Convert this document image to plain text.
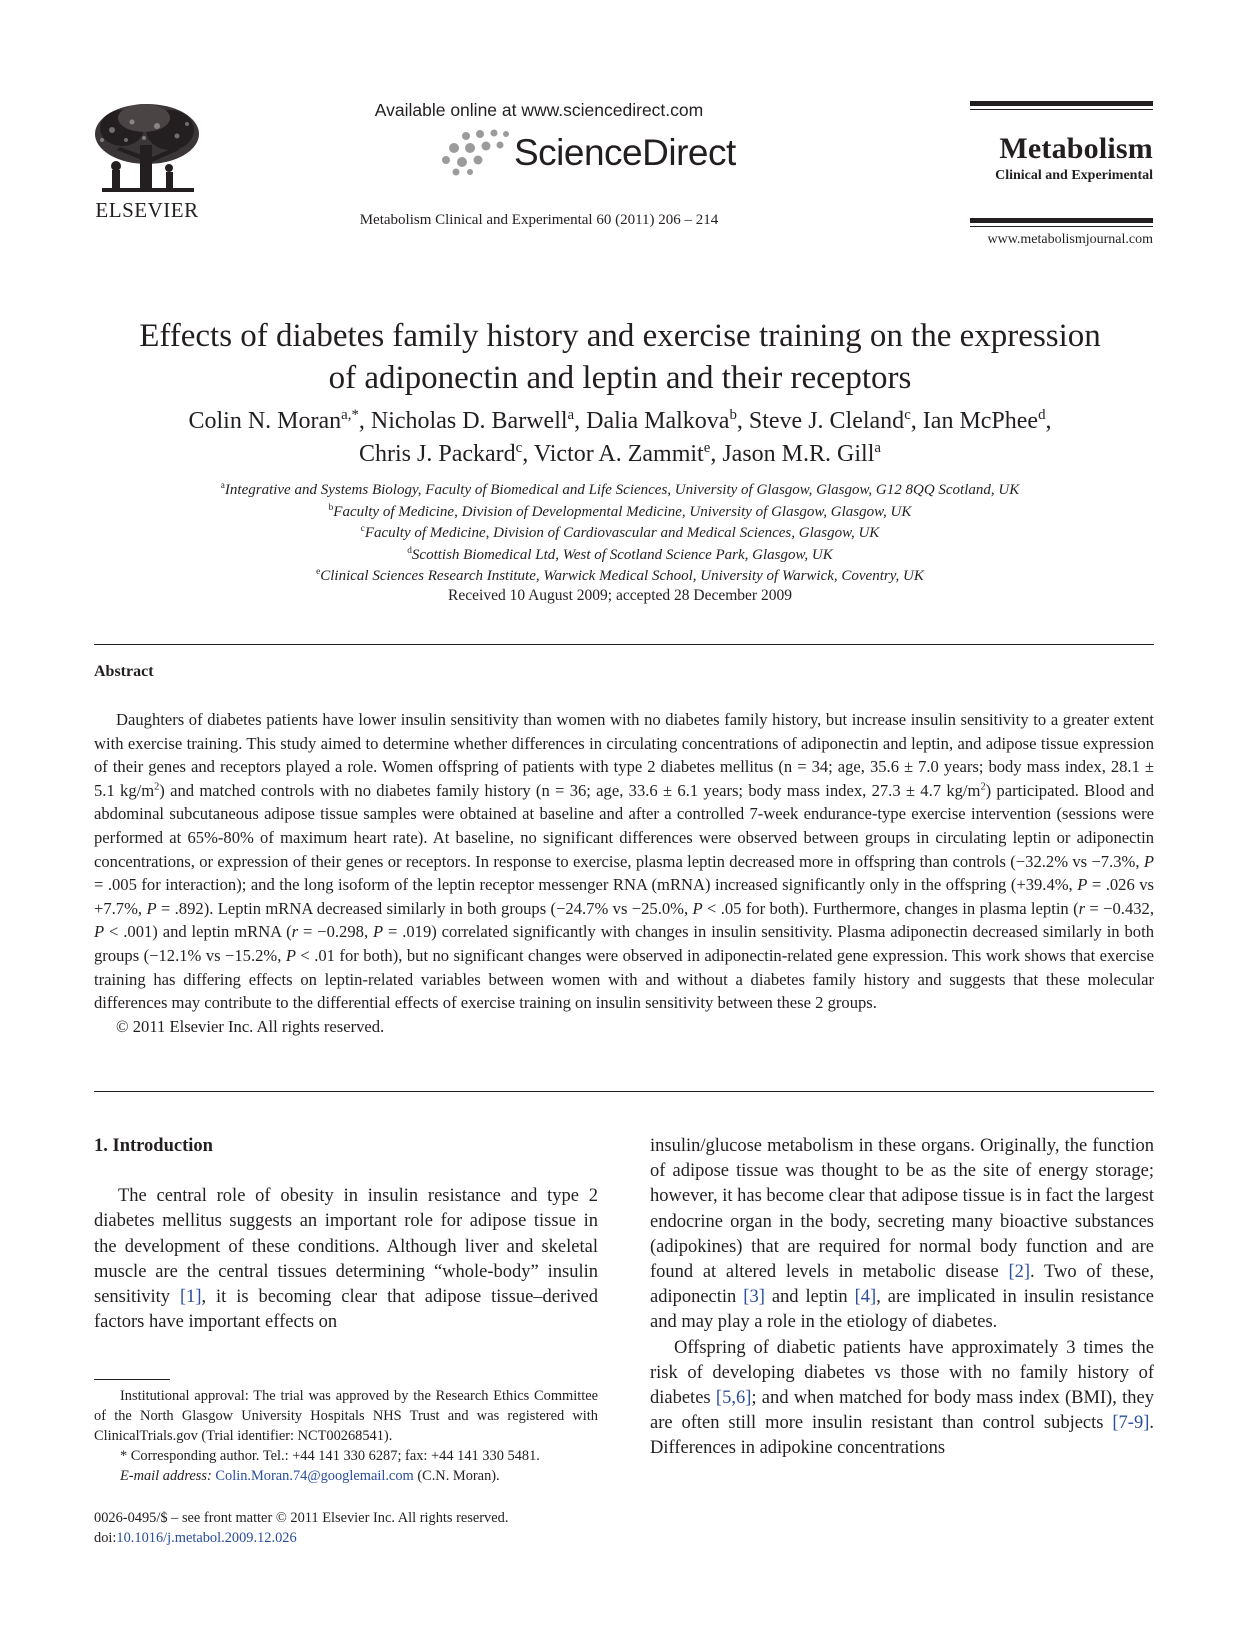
ELSEVIER
Available online at www.sciencedirect.com
ScienceDirect
Metabolism Clinical and Experimental 60 (2011) 206 – 214
Metabolism
Clinical and Experimental
www.metabolismjournal.com
Effects of diabetes family history and exercise training on the expression
of adiponectin and leptin and their receptors
Colin N. Moran$^{a,*}$, Nicholas D. Barwell$^a$, Dalia Malkova$^b$, Steve J. Cleland$^c$, Ian McPhee$^d$,
Chris J. Packard$^c$, Victor A. Zammit$^e$, Jason M.R. Gill$^a$
$^a$Integrative and Systems Biology, Faculty of Biomedical and Life Sciences, University of Glasgow, Glasgow, G12 8QQ Scotland, UK
$^b$Faculty of Medicine, Division of Developmental Medicine, University of Glasgow, Glasgow, UK
$^c$Faculty of Medicine, Division of Cardiovascular and Medical Sciences, Glasgow, UK
$^d$Scottish Biomedical Ltd, West of Scotland Science Park, Glasgow, UK
$^e$Clinical Sciences Research Institute, Warwick Medical School, University of Warwick, Coventry, UK
Received 10 August 2009; accepted 28 December 2009
Abstract

Daughters of diabetes patients have lower insulin sensitivity than women with no diabetes family history, but increase insulin sensitivity to a greater extent with exercise training. This study aimed to determine whether differences in circulating concentrations of adiponectin and leptin, and adipose tissue expression of their genes and receptors played a role. Women offspring of patients with type 2 diabetes mellitus (n = 34; age, 35.6 ± 7.0 years; body mass index, 28.1 ± 5.1 $kg/m^2$) and matched controls with no diabetes family history (n = 36; age, 33.6 ± 6.1 years; body mass index, 27.3 ± 4.7 $kg/m^2$) participated. Blood and abdominal subcutaneous adipose tissue samples were obtained at baseline and after a controlled 7-week endurance-type exercise intervention (sessions were performed at 65%-80% of maximum heart rate). At baseline, no significant differences were observed between groups in circulating leptin or adiponectin concentrations, or expression of their genes or receptors. In response to exercise, plasma leptin decreased more in offspring than controls (−32.2% vs −7.3%, P = .005 for interaction); and the long isoform of the leptin receptor messenger RNA (mRNA) increased significantly only in the offspring (+39.4%, P = .026 vs +7.7%, P = .892). Leptin mRNA decreased similarly in both groups (−24.7% vs −25.0%, P < .05 for both). Furthermore, changes in plasma leptin (r = −0.432, P < .001) and leptin mRNA (r = −0.298, P = .019) correlated significantly with changes in insulin sensitivity. Plasma adiponectin decreased similarly in both groups (−12.1% vs −15.2%, P < .01 for both), but no significant changes were observed in adiponectin-related gene expression. This work shows that exercise training has differing effects on leptin-related variables between women with and without a diabetes family history and suggests that these molecular differences may contribute to the differential effects of exercise training on insulin sensitivity between these 2 groups.

© 2011 Elsevier Inc. All rights reserved.

1. Introduction

The central role of obesity in insulin resistance and type 2 diabetes mellitus suggests an important role for adipose tissue in the development of these conditions. Although liver and skeletal muscle are the central tissues determining “whole-body” insulin sensitivity [1], it is becoming clear that adipose tissue–derived factors have important effects on

Institutional approval: The trial was approved by the Research Ethics Committee of the North Glasgow University Hospitals NHS Trust and was registered with ClinicalTrials.gov (Trial identifier: NCT00268541).

* Corresponding author. Tel.: +44 141 330 6287; fax: +44 141 330 5481.

E-mail address: Colin.Moran.74@googlemail.com (C.N. Moran).

0026-0495/$ – see front matter © 2011 Elsevier Inc. All rights reserved.
doi:10.1016/j.metabol.2009.12.026

insulin/glucose metabolism in these organs. Originally, the function of adipose tissue was thought to be as the site of energy storage; however, it has become clear that adipose tissue is in fact the largest endocrine organ in the body, secreting many bioactive substances (adipokines) that are required for normal body function and are found at altered levels in metabolic disease [2]. Two of these, adiponectin [3] and leptin [4], are implicated in insulin resistance and may play a role in the etiology of diabetes.

Offspring of diabetic patients have approximately 3 times the risk of developing diabetes vs those with no family history of diabetes [5,6]; and when matched for body mass index (BMI), they are often still more insulin resistant than control subjects [7-9]. Differences in adipokine concentrations
